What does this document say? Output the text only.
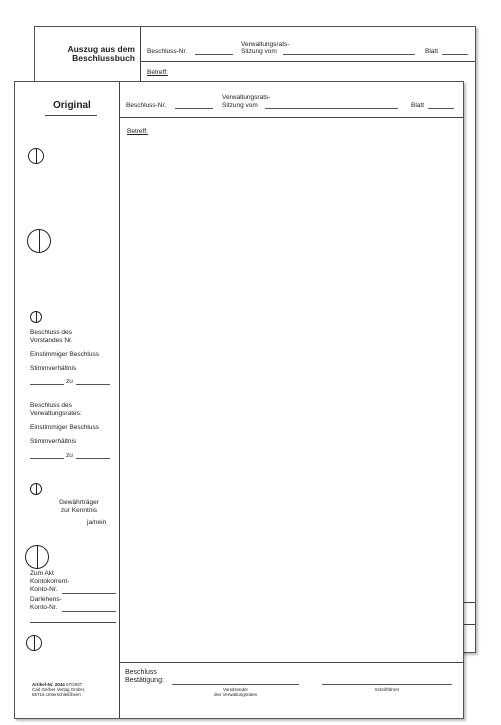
Auszug aus dem
Beschlussbuch
Beschluss-Nr.
Verwaltungsrats-
Sitzung vom	Blatt
Betreff:
Original	Beschluss-Nr.
Verwaltungsrats-
Sitzung vom	Blatt
Betreff:
Beschluss des
Vorstandes Nr.
Einstimmiger Beschluss
Stimmverhältnis
zu
Beschluss des
Verwaltungsrates:
Einstimmiger Beschluss
Stimmverhältnis
zu
Gewährträger
zur Kenntnis
ja/nein
Zum Akt
Kontokorrent-
Konto-Nr.
Darlehens-
Konto-Nr.
Artikel-Nr. 2044 07/2007
Carl Gerber Verlag GmbH,
85716 Unterschleißheim
Beschluss
Bestätigung:
Vorsitzender
des Verwaltungsrates
Schriftführer
